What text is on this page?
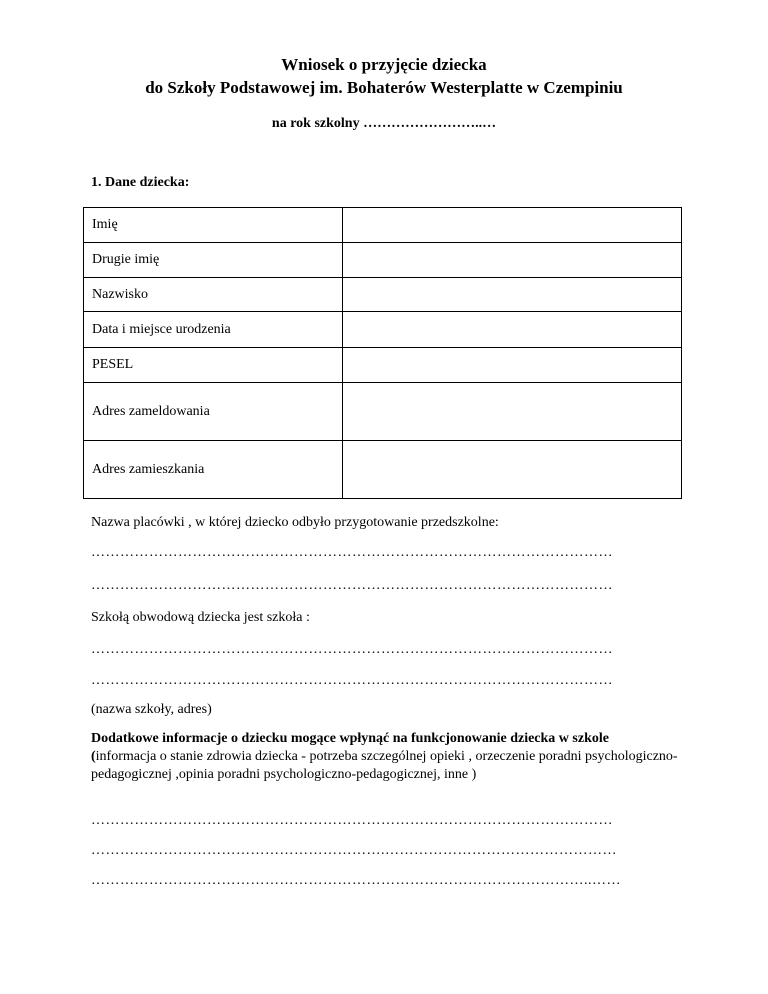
Wniosek o przyjęcie dziecka
do Szkoły Podstawowej im. Bohaterów Westerplatte w Czempiniu
na rok szkolny ……………………..…
1. Dane dziecka:
Imię	
Drugie imię	
Nazwisko	
Data i miejsce urodzenia	
PESEL	
Adres zameldowania	
Adres zamieszkania	
Nazwa placówki , w której dziecko odbyło przygotowanie przedszkolne:
………………………………………………………………………………………………
………………………………………………………………………………………………
Szkołą obwodową dziecka jest szkoła :
………………………………………………………………………………………………
………………………………………………………………………………………………
(nazwa szkoły, adres)
Dodatkowe informacje o dziecku mogące wpłynąć na funkcjonowanie dziecka w szkole
(informacja o stanie zdrowia dziecka - potrzeba szczególnej opieki , orzeczenie poradni psychologiczno-pedagogicznej ,opinia poradni psychologiczno-pedagogicznej, inne )
………………………………………………………………………………………………
…………………………………………………….…………………………………………
…………………………………………………………………………………………..……
